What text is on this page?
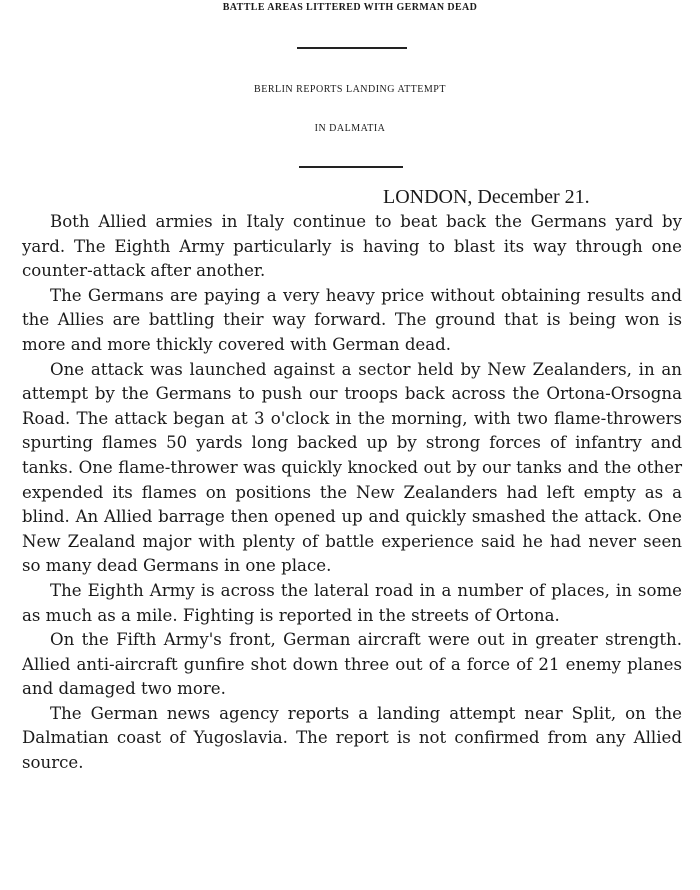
BATTLE AREAS LITTERED WITH GERMAN DEAD
BERLIN REPORTS LANDING ATTEMPT
IN DALMATIA
LONDON, December 21.

Both Allied armies in Italy continue to beat back the Germans yard by yard. The Eighth Army particularly is having to blast its way through one counter-attack after another.

The Germans are paying a very heavy price without obtaining results and the Allies are battling their way forward. The ground that is being won is more and more thickly covered with German dead.

One attack was launched against a sector held by New Zealanders, in an attempt by the Germans to push our troops back across the Ortona-Orsogna Road. The attack began at 3 o'clock in the morning, with two flame-throwers spurting flames 50 yards long backed up by strong forces of infantry and tanks. One flame-thrower was quickly knocked out by our tanks and the other expended its flames on positions the New Zealanders had left empty as a blind. An Allied barrage then opened up and quickly smashed the attack. One New Zealand major with plenty of battle experience said he had never seen so many dead Germans in one place.

The Eighth Army is across the lateral road in a number of places, in some as much as a mile. Fighting is reported in the streets of Ortona.

On the Fifth Army's front, German aircraft were out in greater strength. Allied anti-aircraft gunfire shot down three out of a force of 21 enemy planes and damaged two more.

The German news agency reports a landing attempt near Split, on the Dalmatian coast of Yugoslavia. The report is not confirmed from any Allied source.
